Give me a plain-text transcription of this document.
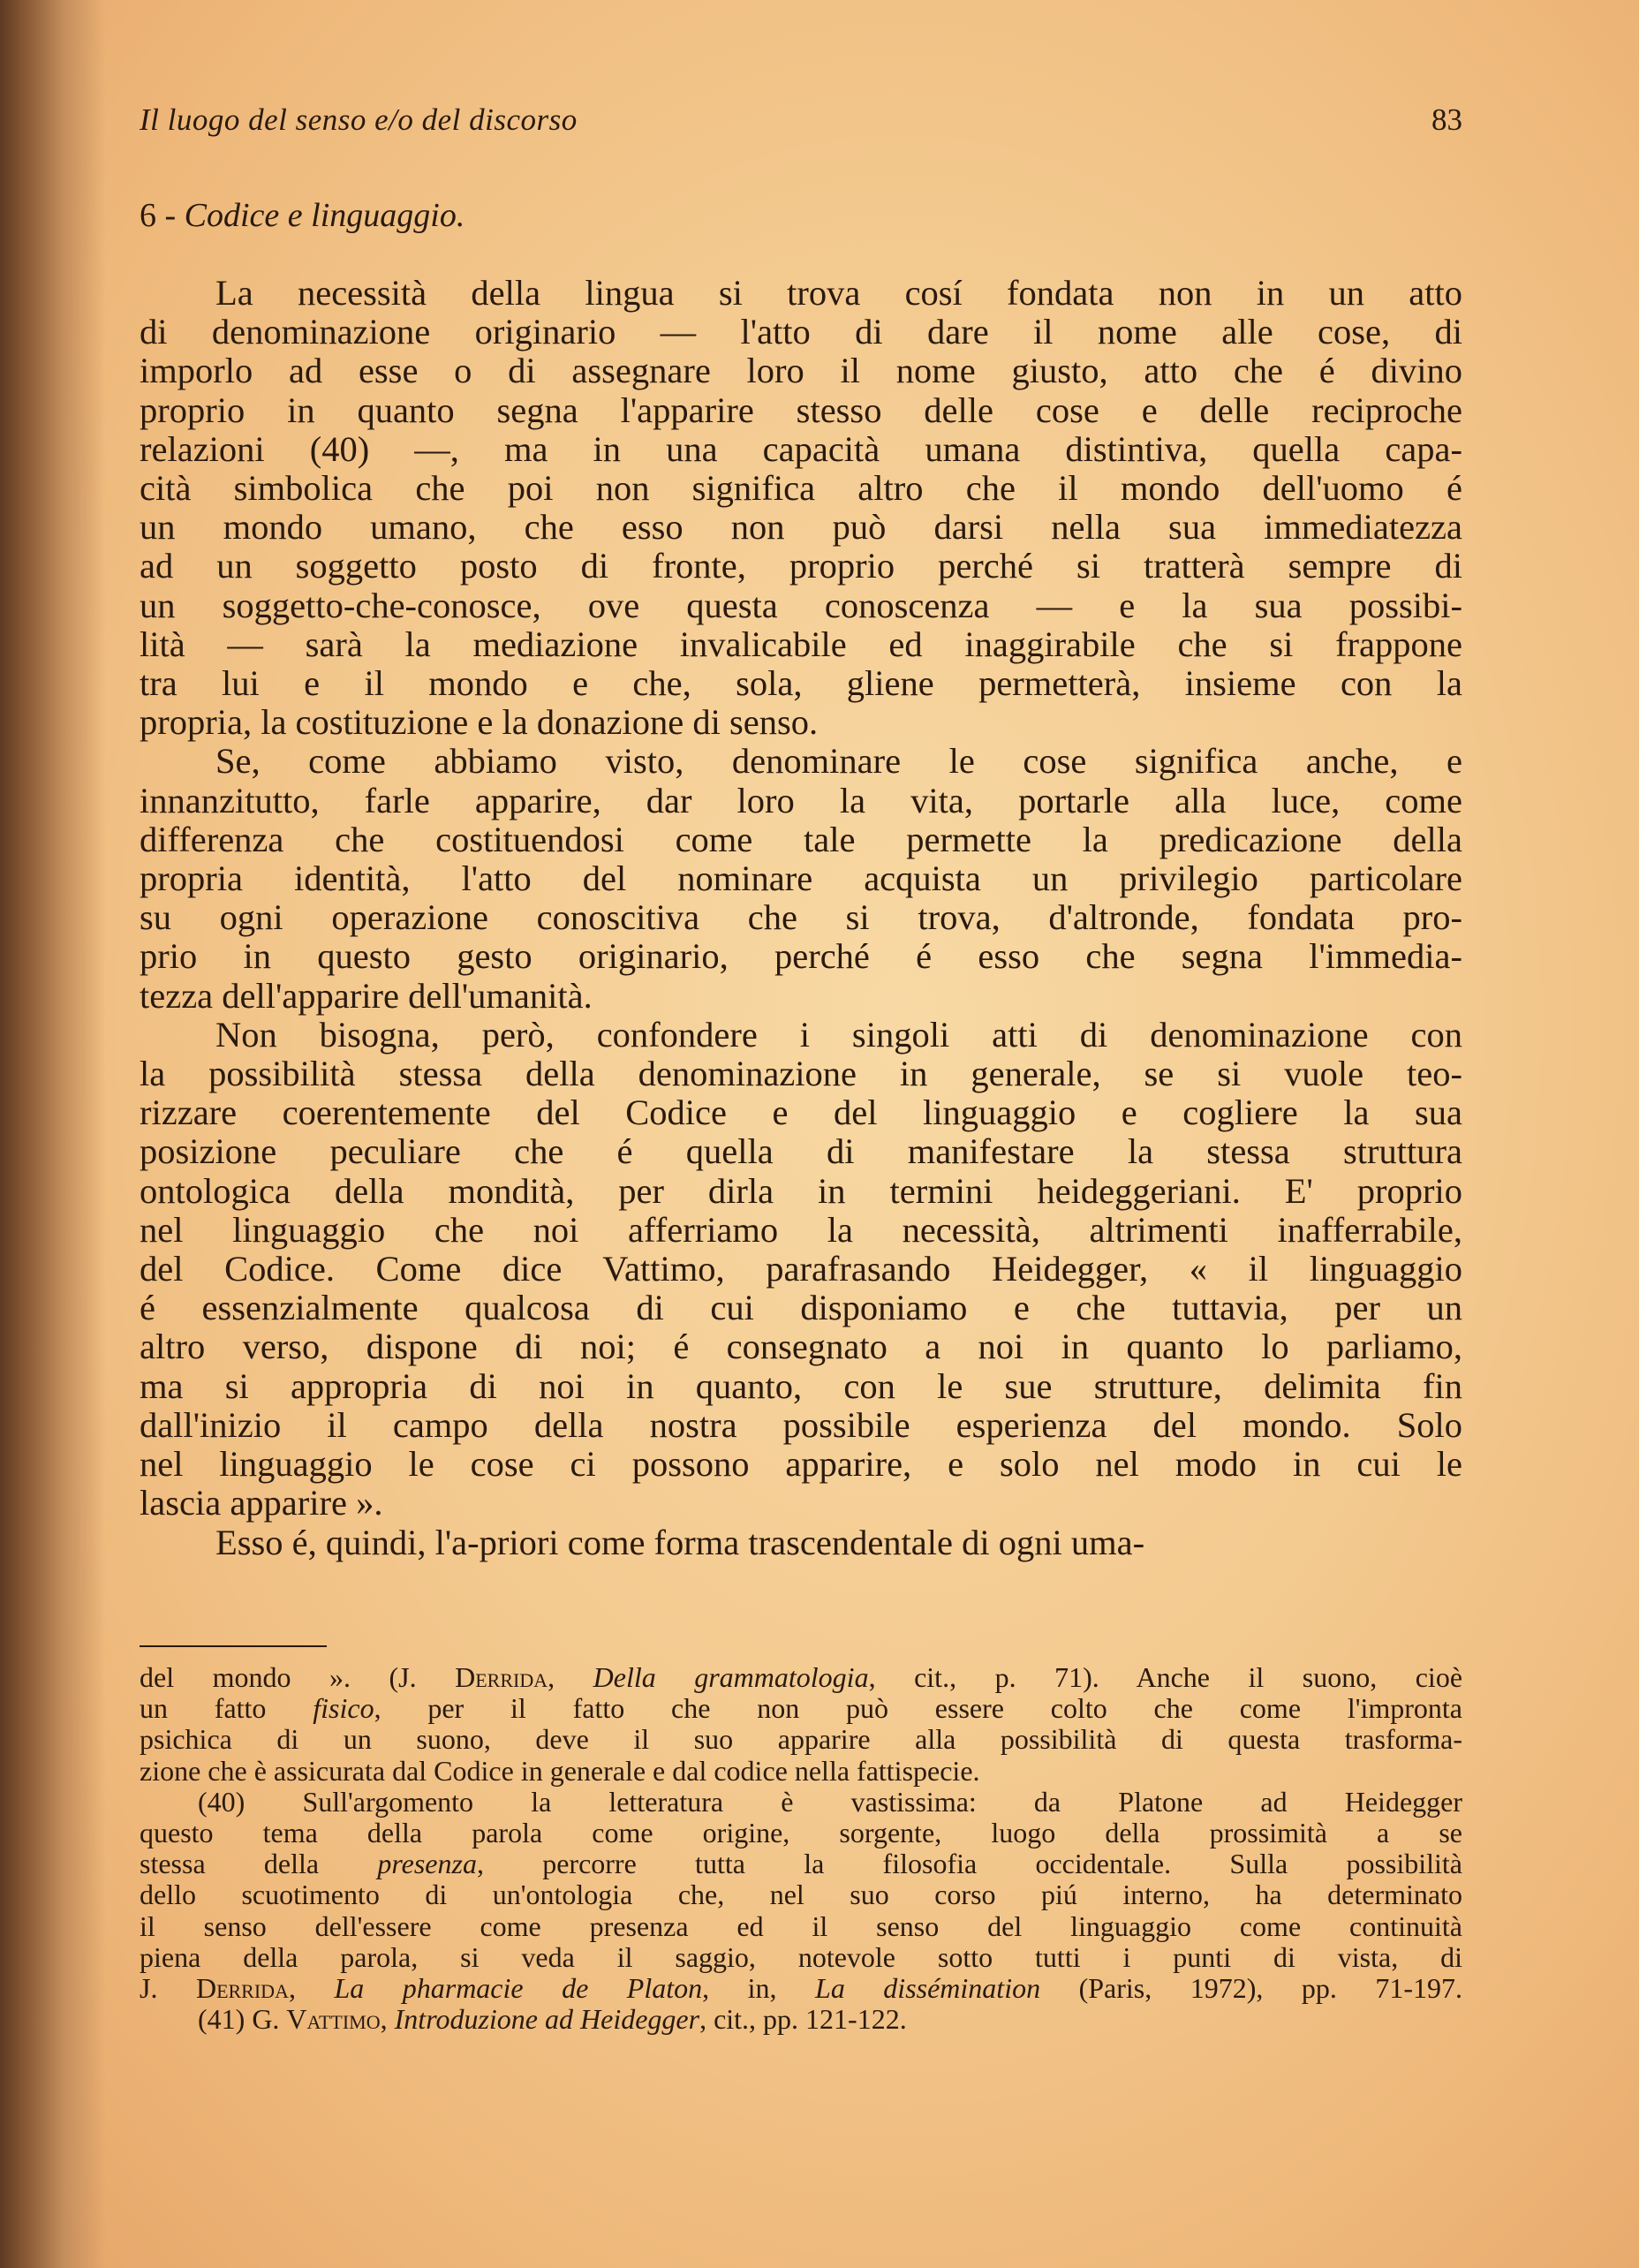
Il luogo del senso e/o del discorso	83
6 - Codice e linguaggio.
La necessità della lingua si trova cosí fondata non in un atto
di denominazione originario — l'atto di dare il nome alle cose, di
imporlo ad esse o di assegnare loro il nome giusto, atto che é divino
proprio in quanto segna l'apparire stesso delle cose e delle reciproche
relazioni (40) —, ma in una capacità umana distintiva, quella capa-
cità simbolica che poi non significa altro che il mondo dell'uomo é
un mondo umano, che esso non può darsi nella sua immediatezza
ad un soggetto posto di fronte, proprio perché si tratterà sempre di
un soggetto-che-conosce, ove questa conoscenza — e la sua possibi-
lità — sarà la mediazione invalicabile ed inaggirabile che si frappone
tra lui e il mondo e che, sola, gliene permetterà, insieme con la
propria, la costituzione e la donazione di senso.
Se, come abbiamo visto, denominare le cose significa anche, e
innanzitutto, farle apparire, dar loro la vita, portarle alla luce, come
differenza che costituendosi come tale permette la predicazione della
propria identità, l'atto del nominare acquista un privilegio particolare
su ogni operazione conoscitiva che si trova, d'altronde, fondata pro-
prio in questo gesto originario, perché é esso che segna l'immedia-
tezza dell'apparire dell'umanità.
Non bisogna, però, confondere i singoli atti di denominazione con
la possibilità stessa della denominazione in generale, se si vuole teo-
rizzare coerentemente del Codice e del linguaggio e cogliere la sua
posizione peculiare che é quella di manifestare la stessa struttura
ontologica della mondità, per dirla in termini heideggeriani. E' proprio
nel linguaggio che noi afferriamo la necessità, altrimenti inafferrabile,
del Codice. Come dice Vattimo, parafrasando Heidegger, « il linguaggio
é essenzialmente qualcosa di cui disponiamo e che tuttavia, per un
altro verso, dispone di noi; é consegnato a noi in quanto lo parliamo,
ma si appropria di noi in quanto, con le sue strutture, delimita fin
dall'inizio il campo della nostra possibile esperienza del mondo. Solo
nel linguaggio le cose ci possono apparire, e solo nel modo in cui le
lascia apparire ».
Esso é, quindi, l'a-priori come forma trascendentale di ogni uma-
del mondo ». (J. Derrida, Della grammatologia, cit., p. 71). Anche il suono, cioè
un fatto fisico, per il fatto che non può essere colto che come l'impronta
psichica di un suono, deve il suo apparire alla possibilità di questa trasforma-
zione che è assicurata dal Codice in generale e dal codice nella fattispecie.
(40) Sull'argomento la letteratura è vastissima: da Platone ad Heidegger
questo tema della parola come origine, sorgente, luogo della prossimità a se
stessa della presenza, percorre tutta la filosofia occidentale. Sulla possibilità
dello scuotimento di un'ontologia che, nel suo corso piú interno, ha determinato
il senso dell'essere come presenza ed il senso del linguaggio come continuità
piena della parola, si veda il saggio, notevole sotto tutti i punti di vista, di
J. Derrida, La pharmacie de Platon, in, La dissémination (Paris, 1972), pp. 71-197.
(41) G. Vattimo, Introduzione ad Heidegger, cit., pp. 121-122.
